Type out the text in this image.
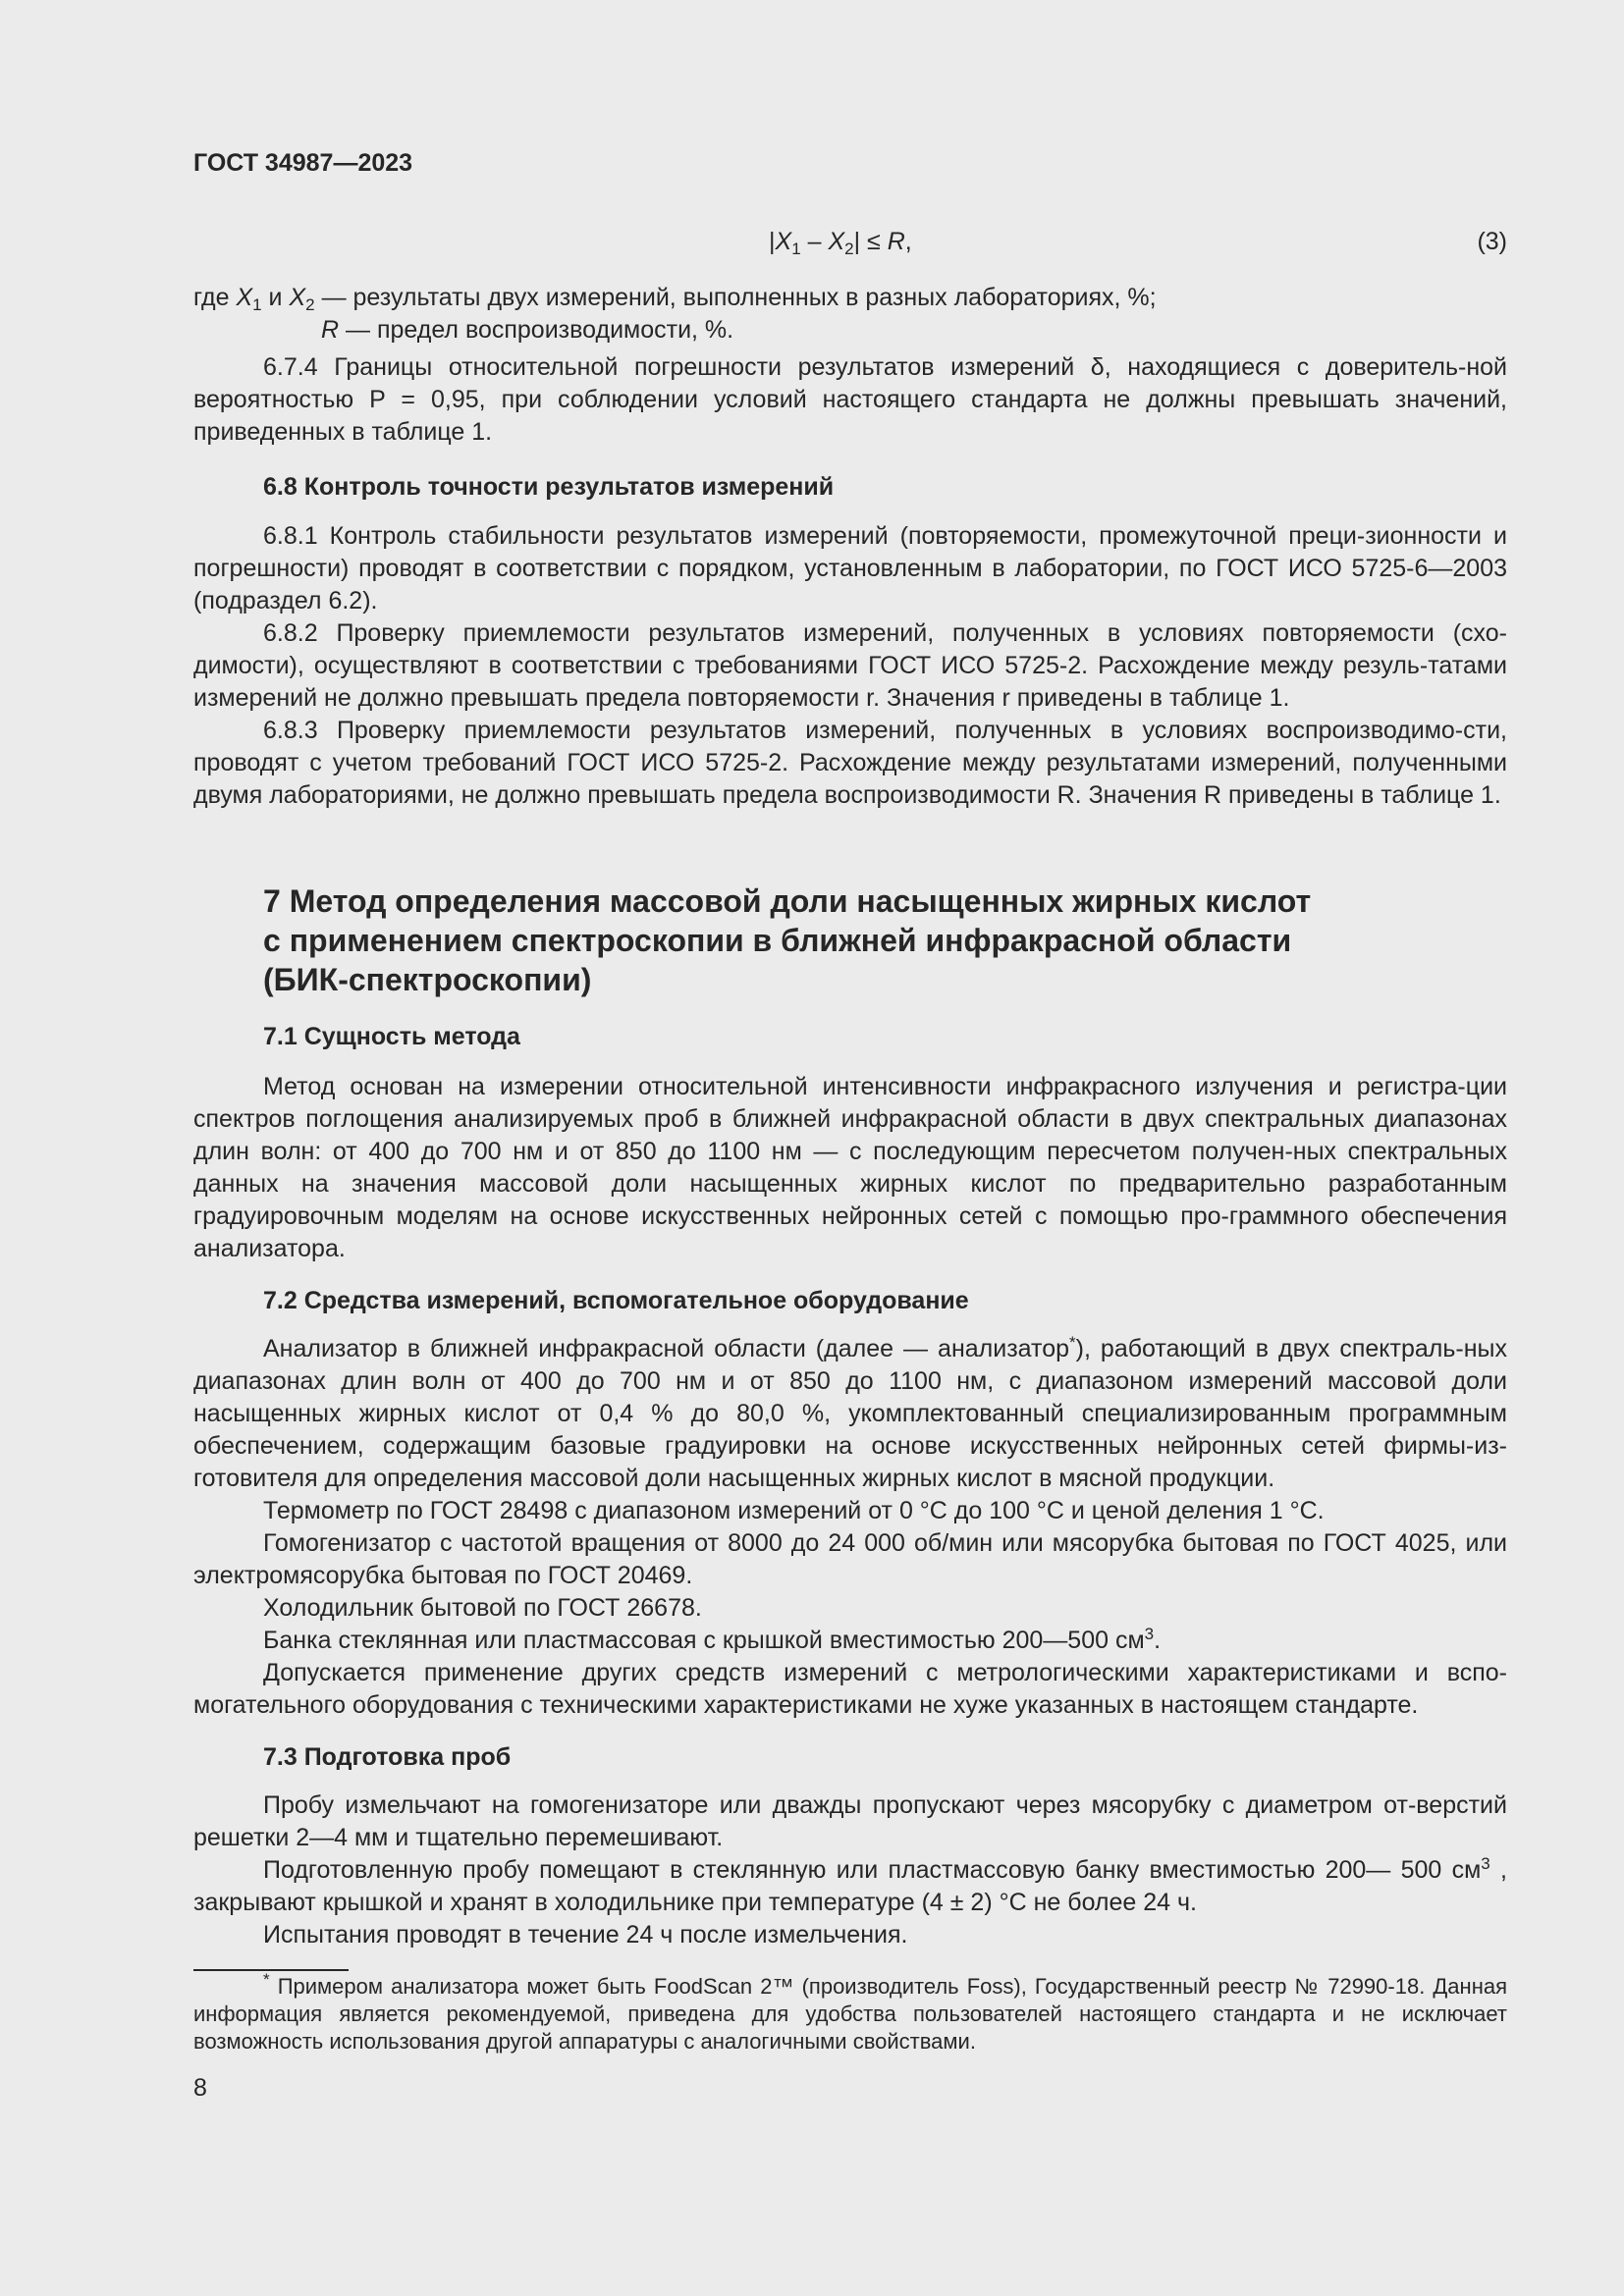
ГОСТ 34987—2023
$|X_1 - X_2| \le R$,	(3)
где $X_1$ и $X_2$ — результаты двух измерений, выполненных в разных лабораториях, %;
R — предел воспроизводимости, %.
6.7.4 Границы относительной погрешности результатов измерений δ, находящиеся с доверитель-ной вероятностью P = 0,95, при соблюдении условий настоящего стандарта не должны превышать значений, приведенных в таблице 1.
6.8 Контроль точности результатов измерений
6.8.1 Контроль стабильности результатов измерений (повторяемости, промежуточной преци-зионности и погрешности) проводят в соответствии с порядком, установленным в лаборатории, по ГОСТ ИСО 5725-6—2003 (подраздел 6.2).
6.8.2 Проверку приемлемости результатов измерений, полученных в условиях повторяемости (схо-димости), осуществляют в соответствии с требованиями ГОСТ ИСО 5725-2. Расхождение между резуль-татами измерений не должно превышать предела повторяемости r. Значения r приведены в таблице 1.
6.8.3 Проверку приемлемости результатов измерений, полученных в условиях воспроизводимо-сти, проводят с учетом требований ГОСТ ИСО 5725-2. Расхождение между результатами измерений, полученными двумя лабораториями, не должно превышать предела воспроизводимости R. Значения R приведены в таблице 1.
7 Метод определения массовой доли насыщенных жирных кислот
с применением спектроскопии в ближней инфракрасной области
(БИК-спектроскопии)
7.1 Сущность метода
Метод основан на измерении относительной интенсивности инфракрасного излучения и регистра-ции спектров поглощения анализируемых проб в ближней инфракрасной области в двух спектральных диапазонах длин волн: от 400 до 700 нм и от 850 до 1100 нм — с последующим пересчетом получен-ных спектральных данных на значения массовой доли насыщенных жирных кислот по предварительно разработанным градуировочным моделям на основе искусственных нейронных сетей с помощью про-граммного обеспечения анализатора.
7.2 Средства измерений, вспомогательное оборудование
Анализатор в ближней инфракрасной области (далее — анализатор*), работающий в двух спектраль-ных диапазонах длин волн от 400 до 700 нм и от 850 до 1100 нм, с диапазоном измерений массовой доли насыщенных жирных кислот от 0,4 % до 80,0 %, укомплектованный специализированным программным обеспечением, содержащим базовые градуировки на основе искусственных нейронных сетей фирмы-из-готовителя для определения массовой доли насыщенных жирных кислот в мясной продукции.
Термометр по ГОСТ 28498 с диапазоном измерений от 0 °С до 100 °С и ценой деления 1 °С.
Гомогенизатор с частотой вращения от 8000 до 24 000 об/мин или мясорубка бытовая по ГОСТ 4025, или электромясорубка бытовая по ГОСТ 20469.
Холодильник бытовой по ГОСТ 26678.
Банка стеклянная или пластмассовая с крышкой вместимостью 200—500 $см^3$.
Допускается применение других средств измерений с метрологическими характеристиками и вспо-могательного оборудования с техническими характеристиками не хуже указанных в настоящем стандарте.
7.3 Подготовка проб
Пробу измельчают на гомогенизаторе или дважды пропускают через мясорубку с диаметром от-верстий решетки 2—4 мм и тщательно перемешивают.
Подготовленную пробу помещают в стеклянную или пластмассовую банку вместимостью 200— 500 $см^3$ , закрывают крышкой и хранят в холодильнике при температуре (4 ± 2) °С не более 24 ч.
Испытания проводят в течение 24 ч после измельчения.
* Примером анализатора может быть FoodScan 2™ (производитель Foss), Государственный реестр № 72990-18. Данная информация является рекомендуемой, приведена для удобства пользователей настоящего стандарта и не исключает возможность использования другой аппаратуры с аналогичными свойствами.
8
